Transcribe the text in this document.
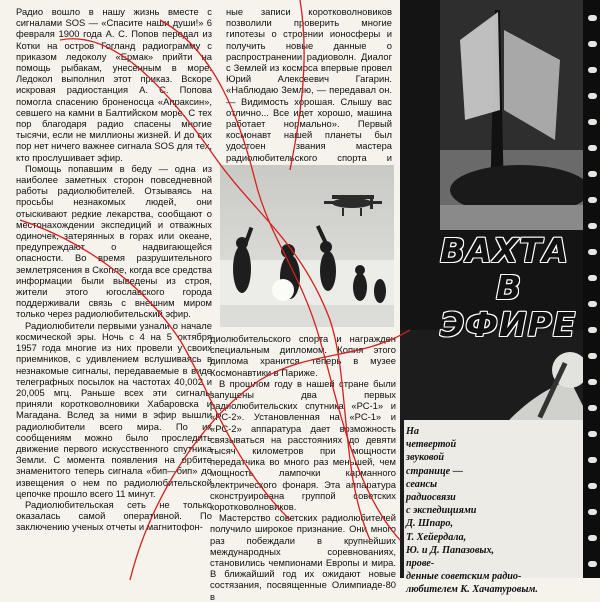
Радио вошло в нашу жизнь вместе с сигналами SOS — «Спасите наши души!» 6 февраля 1900 года А. С. Попов передал из Котки на остров Гогланд радиограмму с приказом ледоколу «Ермак» прийти на помощь рыбакам, унесенным в море. Ледокол выполнил этот приказ. Вскоре искровая радиостанция А. С. Попова помогла спасению броненосца «Апраксин», севшего на камни в Балтийском море. С тех пор благодаря радио спасены многие тысячи, если не миллионы жизней. И до сих пор нет ничего важнее сигнала SOS для тех, кто прослушивает эфир.

Помощь попавшим в беду — одна из наиболее заметных сторон повседневной работы радиолюбителей. Отзываясь на просьбы незнакомых людей, они отыскивают редкие лекарства, сообщают о местонахождении экспедиций и отважных одиночек, затерянных в горах или океане, предупреждают о надвигающейся опасности. Во время разрушительного землетрясения в Скопле, когда все средства информации были выведены из строя, жители этого югославского города поддерживали связь с внешним миром только через радиолюбительский эфир.

Радиолюбители первыми узнали о начале космической эры. Ночь с 4 на 5 октября 1957 года многие из них провели у своих приемников, с удивлением вслушиваясь в незнакомые сигналы, передаваемые в виде телеграфных посылок на частотах 40,002 и 20,005 мгц. Раньше всех эти сигналы приняли коротковолновики Хабаровска и Магадана. Вслед за ними в эфир вышли радиолюбители всего мира. По их сообщениям можно было проследить движение первого искусственного спутника Земли. С момента появления на орбите знаменитого теперь сигнала «бип—бип» до извещения о нем по радиолюбительской цепочке прошло всего 11 минут.

Радиолюбительская сеть не только оказалась самой оперативной. По заключению ученых отчеты и магнитофон-

ные записи коротковолновиков позволили проверить многие гипотезы о строении ионосферы и получить новые данные о распространении радиоволн. Диалог с Землей из космоса впервые провел Юрий Алексеевич Гагарин. «Наблюдаю Землю, — передавал он. — Видимость хорошая. Слышу вас отлично... Все идет хорошо, машина работает нормально». Первый космонавт нашей планеты был удостоен звания мастера радиолюбительского спорта и

диолюбительского спорта и награжден специальным дипломом. Копия этого диплома хранится теперь в музее Космонавтики в Париже.

В прошлом году в нашей стране были запущены два первых радиолюбительских спутника «РС-1» и «РС-2». Установленная на «РС-1» и «РС-2» аппаратура дает возможность связываться на расстояниях до девяти тысяч километров при мощности передатчика во много раз меньшей, чем мощность лампочки карманного электрического фонаря. Эта аппаратура сконструирована группой советских коротковолновиков.

Мастерство советских радиолюбителей получило широкое признание. Они много раз побеждали в крупнейших международных соревнованиях, становились чемпионами Европы и мира. В ближайший год их ожидают новые состязания, посвященные Олимпиаде-80 в

ВАХТА
В
ЭФИРЕ
На
четвертой
звуковой
странице —
сеансы
радиосвязи
с экспедициями
Д. Шпаро,
Т. Хейердала,
Ю. и Д. Папазовых,
прове-
денные советским радио-
любителем К. Хачатуровым.
